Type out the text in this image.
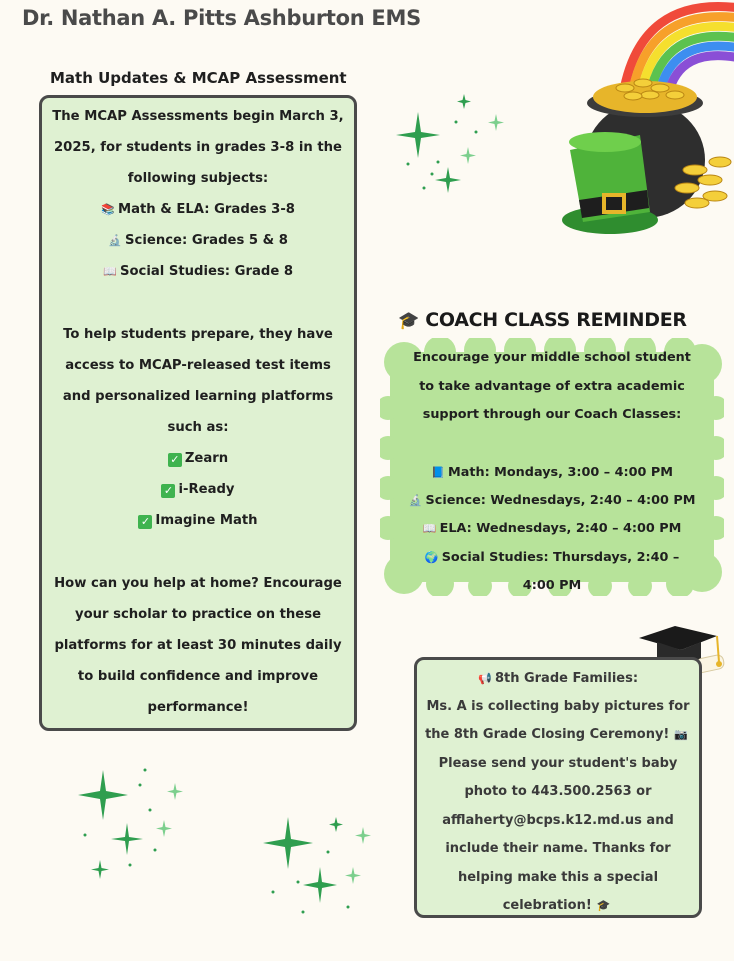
Dr. Nathan A. Pitts Ashburton EMS
Math Updates & MCAP Assessment
The MCAP Assessments begin March 3,
2025, for students in grades 3-8 in the
following subjects:
📚 Math & ELA: Grades 3-8
🔬 Science: Grades 5 & 8
📖 Social Studies: Grade 8
To help students prepare, they have
access to MCAP-released test items
and personalized learning platforms
such as:
✓ Zearn
✓ i-Ready
✓ Imagine Math
How can you help at home? Encourage
your scholar to practice on these
platforms for at least 30 minutes daily
to build confidence and improve
performance!
🎓 COACH CLASS REMINDER
Encourage your middle school student
to take advantage of extra academic
support through our Coach Classes:
📘 Math: Mondays, 3:00 – 4:00 PM
🔬 Science: Wednesdays, 2:40 – 4:00 PM
📖 ELA: Wednesdays, 2:40 – 4:00 PM
🌍 Social Studies: Thursdays, 2:40 –
4:00 PM
📢 8th Grade Families:
Ms. A is collecting baby pictures for
the 8th Grade Closing Ceremony! 📷
Please send your student's baby
photo to 443.500.2563 or
afflaherty@bcps.k12.md.us and
include their name. Thanks for
helping make this a special
celebration! 🎓
